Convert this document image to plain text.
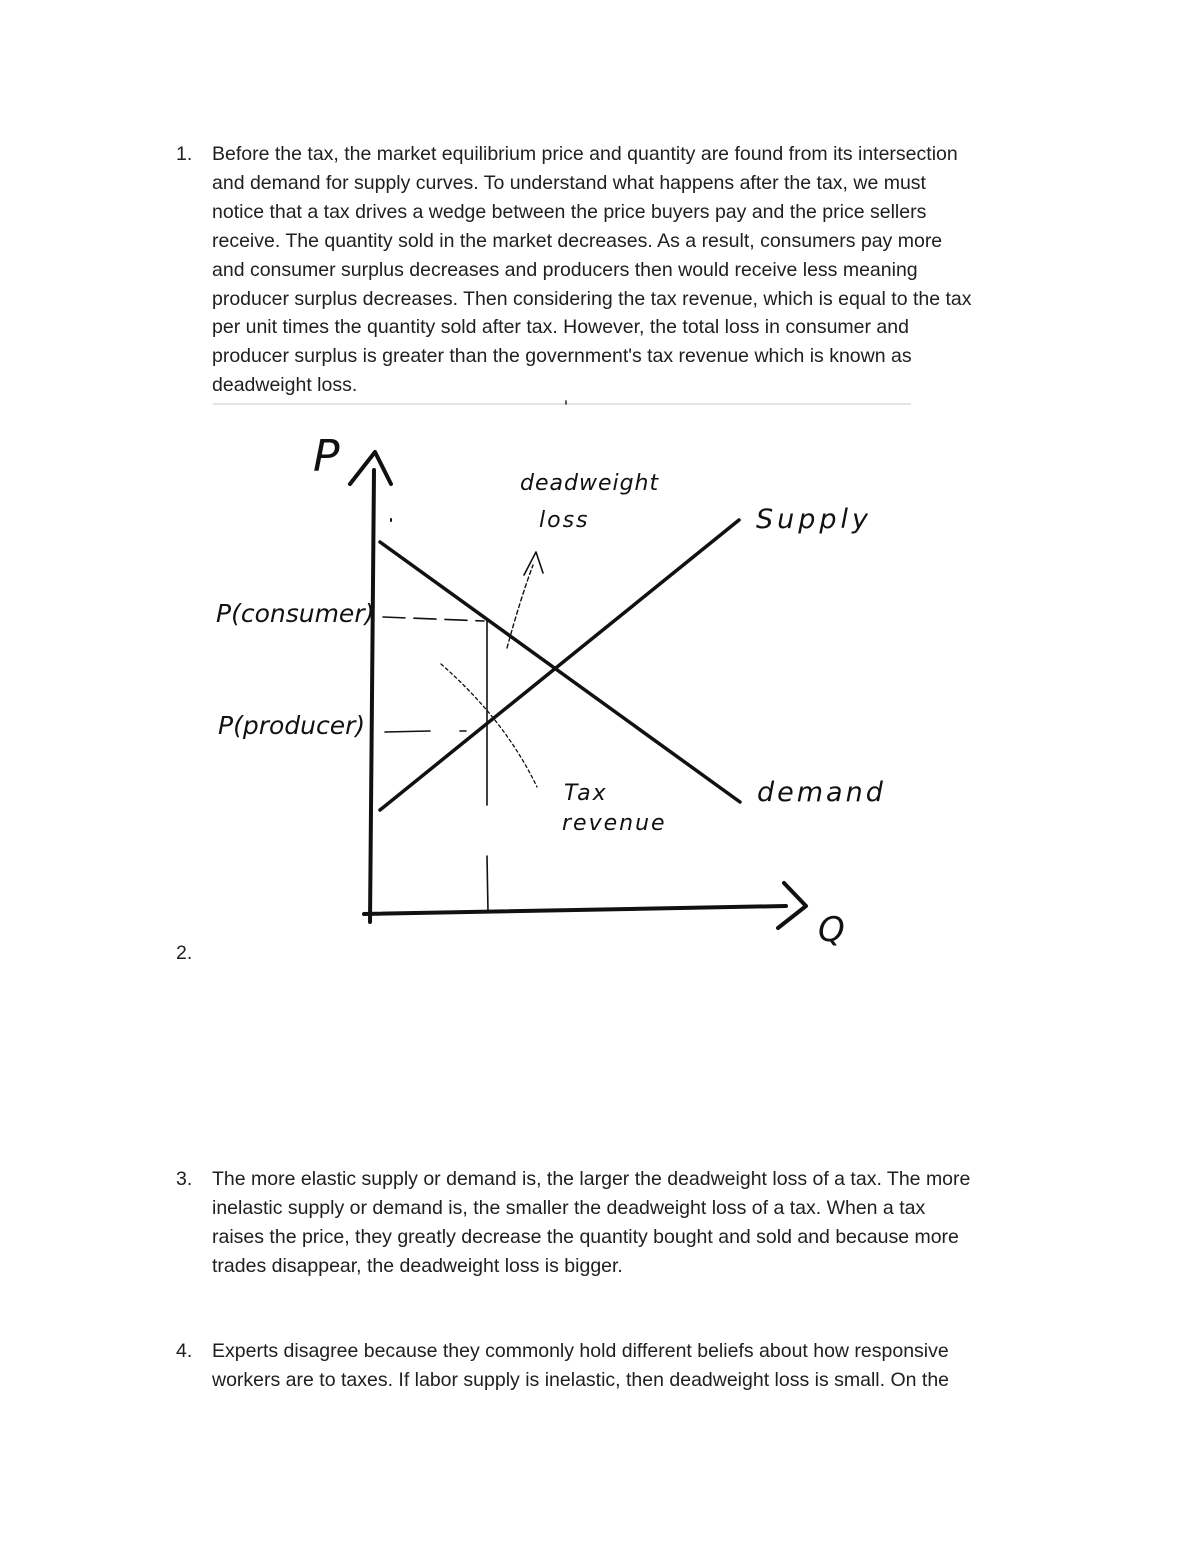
1. Before the tax, the market equilibrium price and quantity are found from its intersection
and demand for supply curves. To understand what happens after the tax, we must
notice that a tax drives a wedge between the price buyers pay and the price sellers
receive. The quantity sold in the market decreases. As a result, consumers pay more
and consumer surplus decreases and producers then would receive less meaning
producer surplus decreases. Then considering the tax revenue, which is equal to the tax
per unit times the quantity sold after tax. However, the total loss in consumer and
producer surplus is greater than the government's tax revenue which is known as
deadweight loss.
P
Q
Supply
demand
deadweight
loss
Tax
revenue
P(consumer)
P(producer)
2.
3. The more elastic supply or demand is, the larger the deadweight loss of a tax. The more
inelastic supply or demand is, the smaller the deadweight loss of a tax. When a tax
raises the price, they greatly decrease the quantity bought and sold and because more
trades disappear, the deadweight loss is bigger.
4. Experts disagree because they commonly hold different beliefs about how responsive
workers are to taxes. If labor supply is inelastic, then deadweight loss is small. On the
